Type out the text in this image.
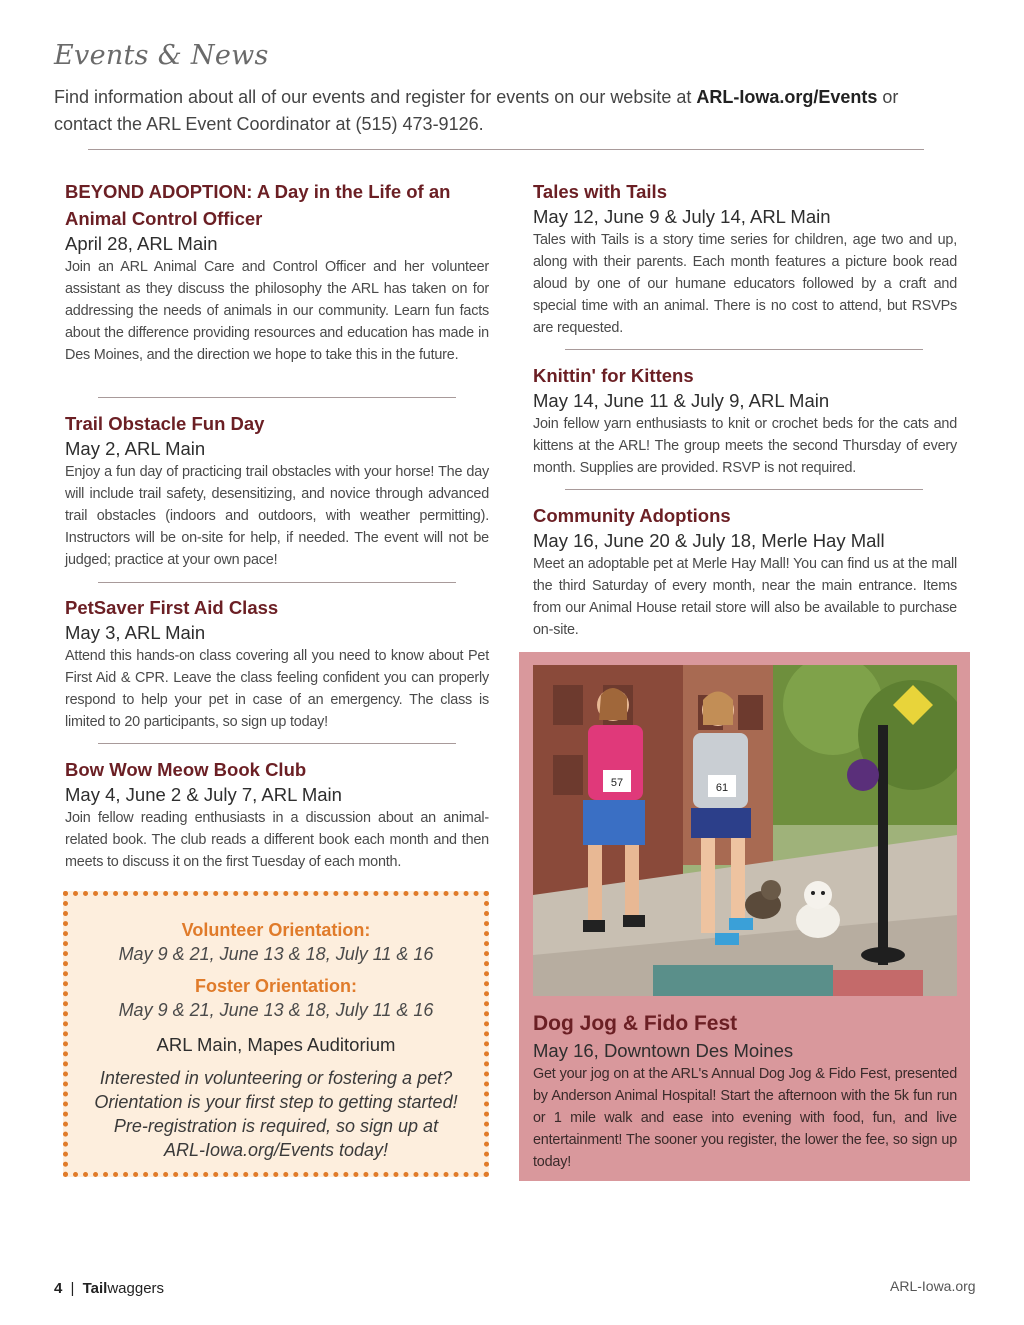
Events & News
Find information about all of our events and register for events on our website at ARL-Iowa.org/Events or contact the ARL Event Coordinator at (515) 473-9126.
BEYOND ADOPTION: A Day in the Life of an Animal Control Officer
April 28, ARL Main
Join an ARL Animal Care and Control Officer and her volunteer assistant as they discuss the philosophy the ARL has taken on for addressing the needs of animals in our community. Learn fun facts about the difference providing resources and education has made in Des Moines, and the direction we hope to take this in the future.
Trail Obstacle Fun Day
May 2, ARL Main
Enjoy a fun day of practicing trail obstacles with your horse! The day will include trail safety, desensitizing, and novice through advanced trail obstacles (indoors and outdoors, with weather permitting). Instructors will be on-site for help, if needed. The event will not be judged; practice at your own pace!
PetSaver First Aid Class
May 3, ARL Main
Attend this hands-on class covering all you need to know about Pet First Aid & CPR. Leave the class feeling confident you can properly respond to help your pet in case of an emergency. The class is limited to 20 participants, so sign up today!
Bow Wow Meow Book Club
May 4, June 2 & July 7, ARL Main
Join fellow reading enthusiasts in a discussion about an animal-related book. The club reads a different book each month and then meets to discuss it on the first Tuesday of each month.
Volunteer Orientation:
May 9 & 21, June 13 & 18, July 11 & 16
Foster Orientation:
May 9 & 21, June 13 & 18, July 11 & 16
ARL Main, Mapes Auditorium
Interested in volunteering or fostering a pet?
Orientation is your first step to getting started!
Pre-registration is required, so sign up at
ARL-Iowa.org/Events today!
Tales with Tails
May 12, June 9 & July 14, ARL Main
Tales with Tails is a story time series for children, age two and up, along with their parents. Each month features a picture book read aloud by one of our humane educators followed by a craft and special time with an animal. There is no cost to attend, but RSVPs are requested.
Knittin' for Kittens
May 14, June 11 & July 9, ARL Main
Join fellow yarn enthusiasts to knit or crochet beds for the cats and kittens at the ARL! The group meets the second Thursday of every month. Supplies are provided. RSVP is not required.
Community Adoptions
May 16, June 20 & July 18, Merle Hay Mall
Meet an adoptable pet at Merle Hay Mall! You can find us at the mall the third Saturday of every month, near the main entrance. Items from our Animal House retail store will also be available to purchase on-site.
57	61
Dog Jog & Fido Fest
May 16, Downtown Des Moines
Get your jog on at the ARL's Annual Dog Jog & Fido Fest, presented by Anderson Animal Hospital! Start the afternoon with the 5k fun run or 1 mile walk and ease into evening with food, fun, and live entertainment! The sooner you register, the lower the fee, so sign up today!
4 | Tailwaggers	ARL-Iowa.org
